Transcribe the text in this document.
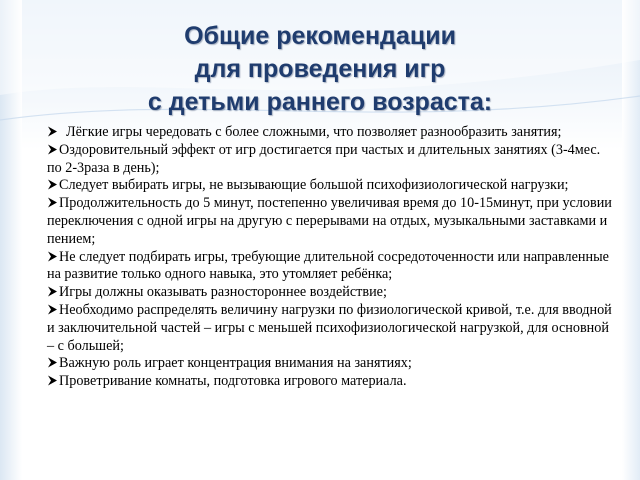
Общие рекомендации
для проведения игр
с детьми раннего возраста:
Лёгкие игры чередовать с более сложными, что позволяет разнообразить занятия;
Оздоровительный эффект от игр достигается при частых и длительных занятиях (3-4мес. по 2-3раза в день);
Следует выбирать игры, не вызывающие большой психофизиологической нагрузки;
Продолжительность до 5 минут, постепенно увеличивая время до 10-15минут, при условии переключения с одной игры на другую с перерывами на отдых, музыкальными заставками и пением;
Не следует подбирать игры, требующие длительной сосредоточенности или направленные на развитие только одного навыка, это утомляет ребёнка;
Игры должны оказывать разностороннее воздействие;
Необходимо распределять величину нагрузки по физиологической кривой, т.е. для вводной и заключительной частей – игры с меньшей психофизиологической нагрузкой, для основной – с большей;
Важную роль играет концентрация внимания на занятиях;
Проветривание комнаты, подготовка игрового материала.
